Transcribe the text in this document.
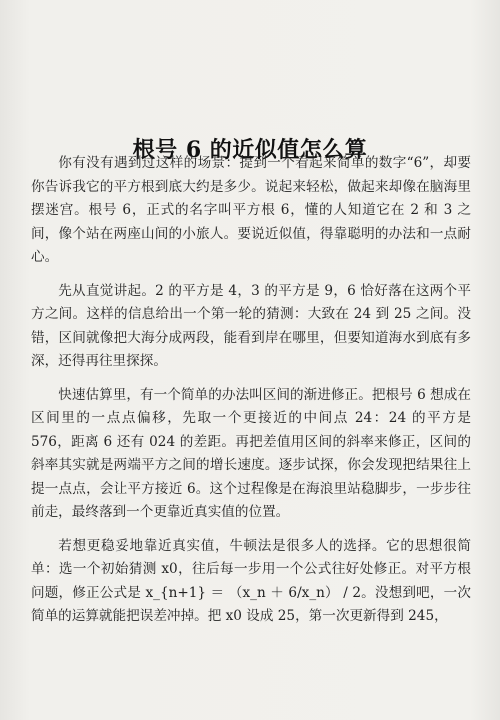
根号 6 的近似值怎么算

你有没有遇到过这样的场景：提到一个看起来简单的数字“6”，却要你告诉我它的平方根到底大约是多少。说起来轻松，做起来却像在脑海里摆迷宫。根号 6，正式的名字叫平方根 6，懂的人知道它在 2 和 3 之间，像个站在两座山间的小旅人。要说近似值，得靠聪明的办法和一点耐心。

先从直觉讲起。2 的平方是 4，3 的平方是 9，6 恰好落在这两个平方之间。这样的信息给出一个第一轮的猜测：大致在 24 到 25 之间。没错，区间就像把大海分成两段，能看到岸在哪里，但要知道海水到底有多深，还得再往里探探。

快速估算里，有一个简单的办法叫区间的渐进修正。把根号 6 想成在区间里的一点点偏移，先取一个更接近的中间点 24：24 的平方是 576，距离 6 还有 024 的差距。再把差值用区间的斜率来修正，区间的斜率其实就是两端平方之间的增长速度。逐步试探，你会发现把结果往上提一点点，会让平方接近 6。这个过程像是在海浪里站稳脚步，一步步往前走，最终落到一个更靠近真实值的位置。

若想更稳妥地靠近真实值，牛顿法是很多人的选择。它的思想很简单：选一个初始猜测 x0，往后每一步用一个公式往好处修正。对平方根问题，修正公式是 x_{n+1} ＝ （x_n ＋ 6/x_n） / 2。没想到吧，一次简单的运算就能把误差冲掉。把 x0 设成 25，第一次更新得到 245，
